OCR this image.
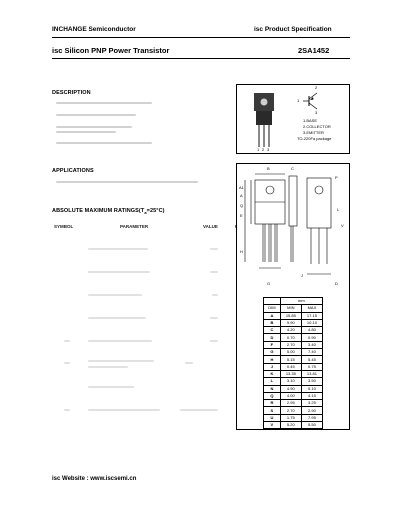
INCHANGE Semiconductor	isc Product Specification
isc Silicon PNP Power Transistor	2SA1452
DESCRIPTION
APPLICATIONS
ABSOLUTE MAXIMUM $RATINGS(T_a=25^\circ C)$
SYMBOL	PARAMETER	VALUE
2
1
3
1.BASE
2.COLLECTOR
3.EMITTER
TO-220Fa package
1 2 3
B	C
A1
A
Q
E
H
L
V
J
P
G	D
	mm	
DIM	MIN	MAX
A	15.85	17.15
B	9.90	10.10
C	4.20	4.80
D	0.70	0.90
F	2.70	3.40
G	5.00	7.40
H	5.15	5.45
J	0.45	0.75
K	13.35	13.81
L	3.10	3.50
N	4.90	5.10
Q	4.00	4.15
R	2.95	3.25
S	2.70	2.90
U	1.75	7.95
V	5.20	5.50
isc Website : www.iscsemi.cn
